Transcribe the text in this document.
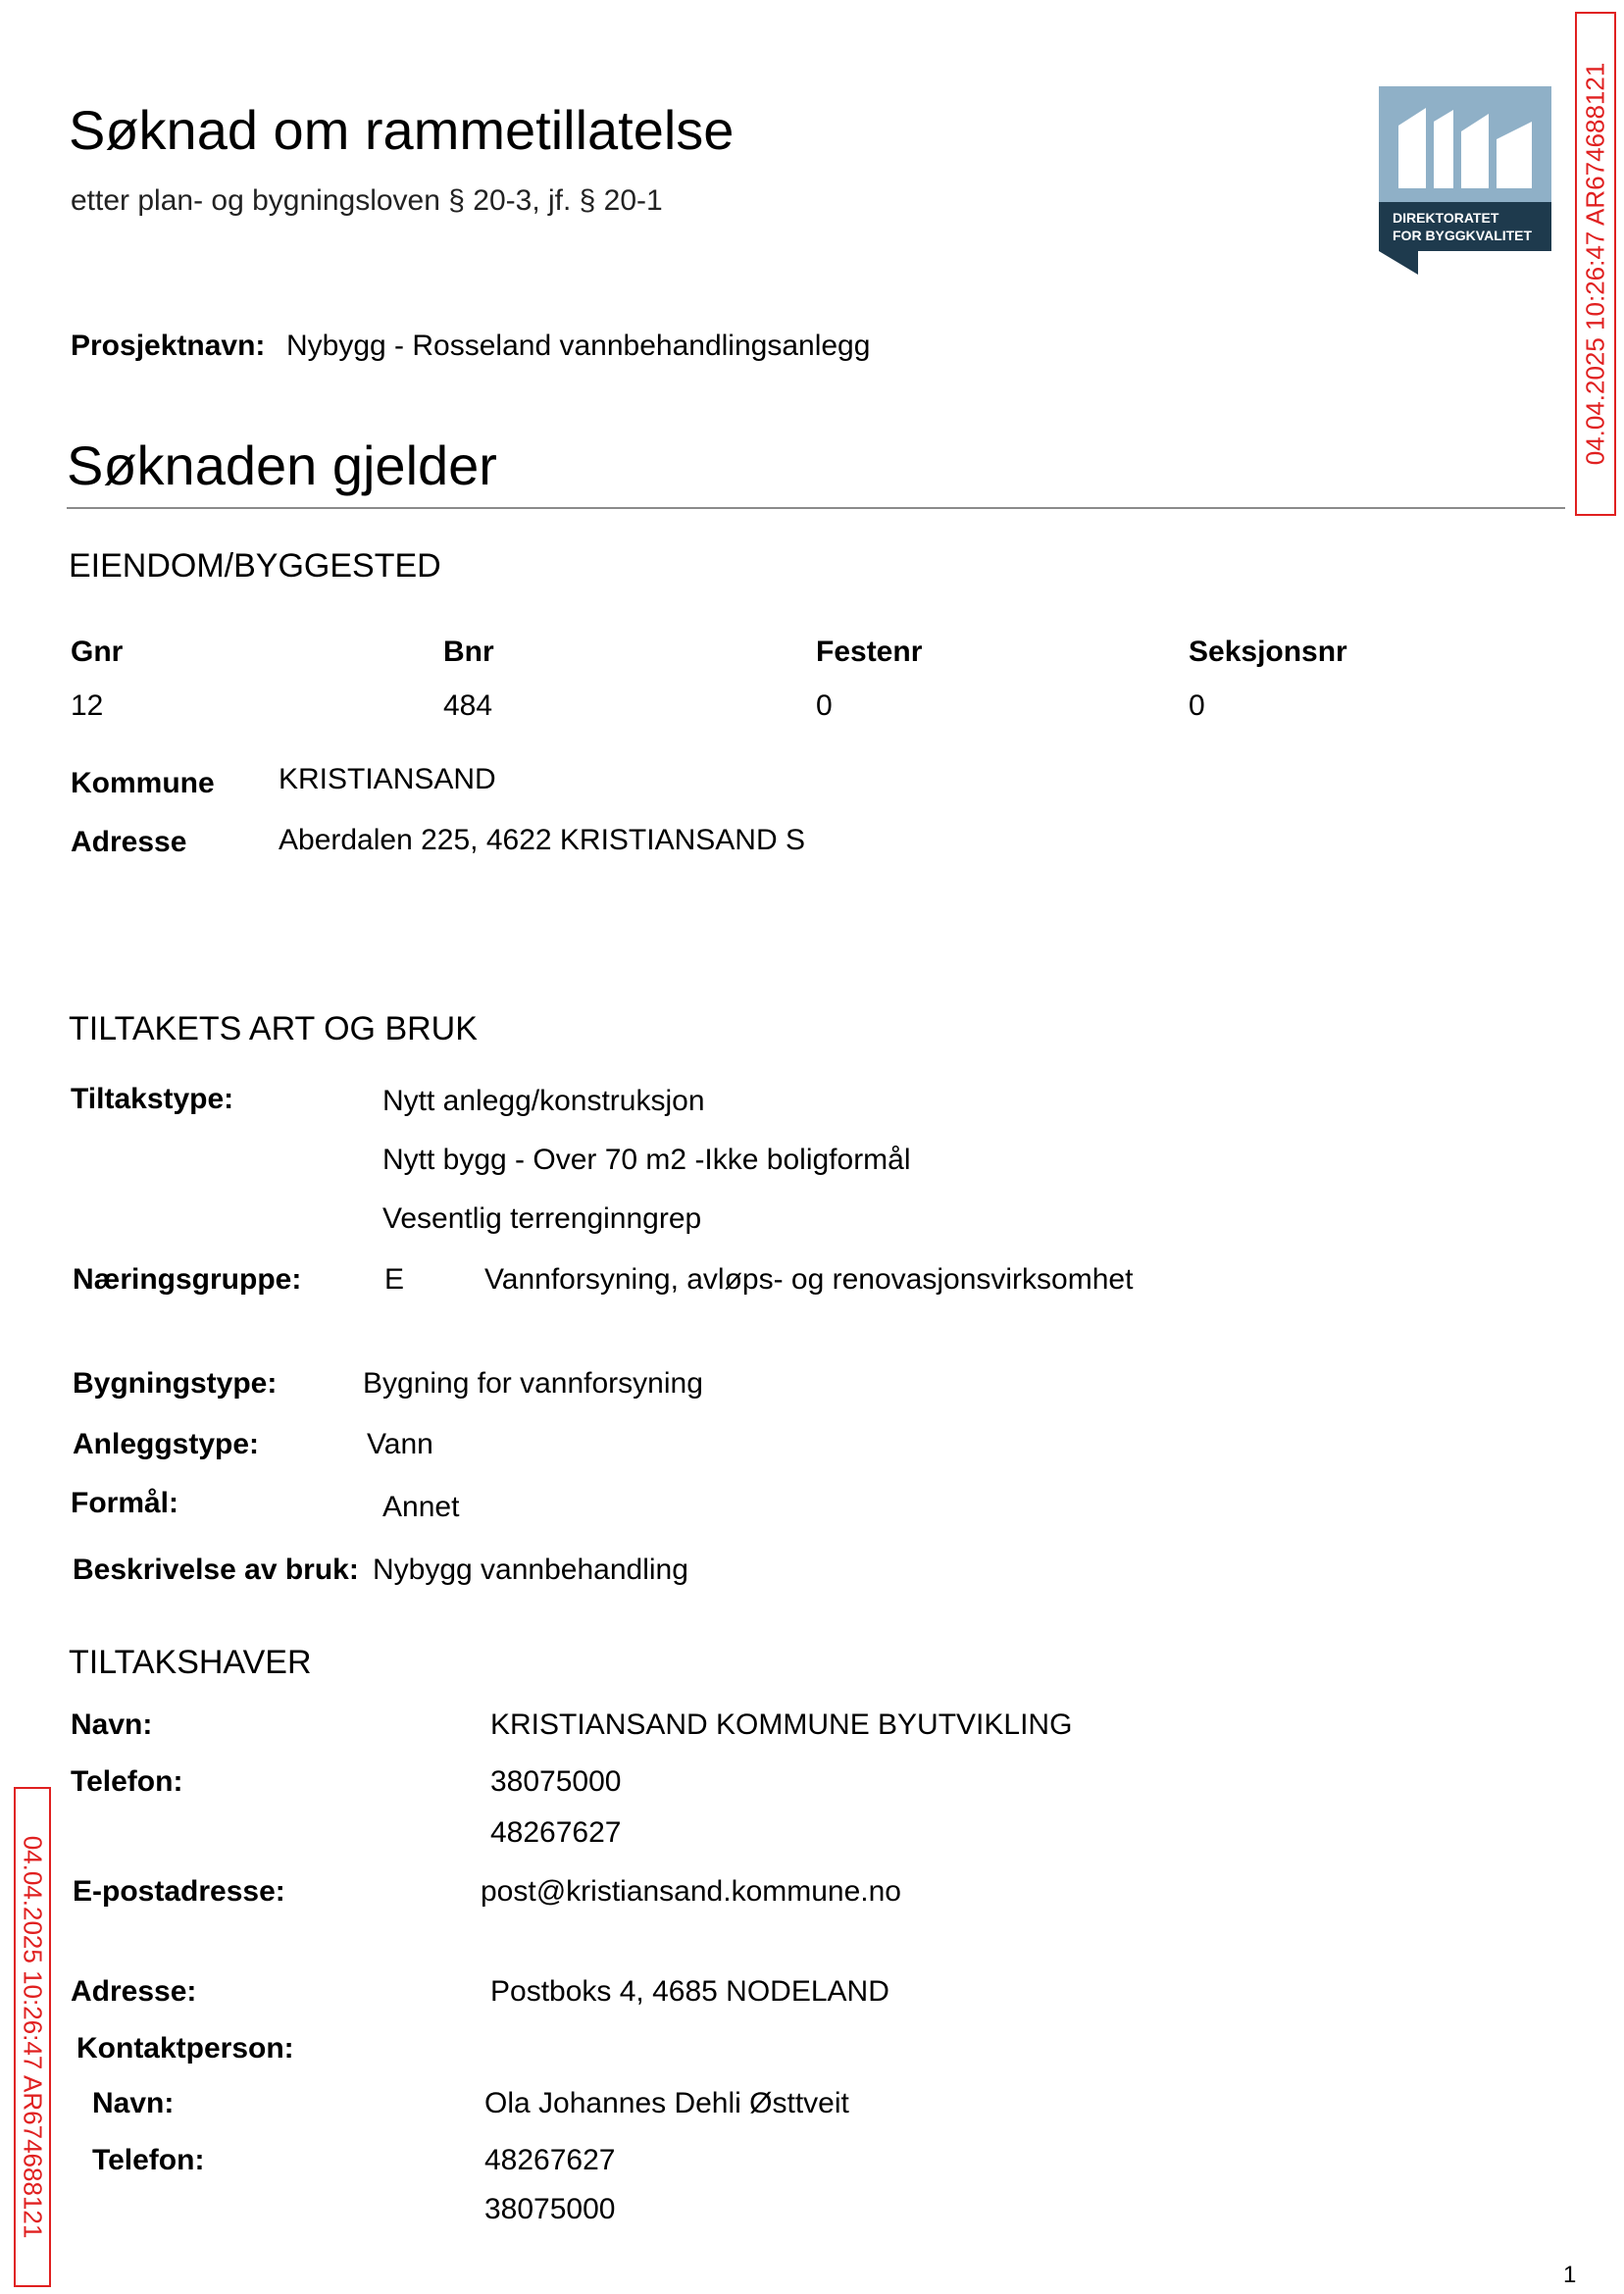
Søknad om rammetillatelse
etter plan- og bygningsloven § 20-3, jf. § 20-1
DIREKTORATET
FOR BYGGKVALITET 04.04.2025 10:26:47 AR674688121
04.04.2025 10:26:47 AR674688121
Prosjektnavn: Nybygg - Rosseland vannbehandlingsanlegg
Søknaden gjelder
EIENDOM/BYGGESTED
Gnr	Bnr	Festenr	Seksjonsnr
12	484	0	0
Kommune KRISTIANSAND
Adresse	Aberdalen 225, 4622 KRISTIANSAND S
TILTAKETS ART OG BRUK
Tiltakstype:	Nytt anlegg/konstruksjon
Nytt bygg - Over 70 m2 -Ikke boligformål
Vesentlig terrenginngrep
Næringsgruppe:	E	Vannforsyning, avløps- og renovasjonsvirksomhet
Bygningstype:	Bygning for vannforsyning
Anleggstype:	Vann
Formål:	Annet
Beskrivelse av bruk: Nybygg vannbehandling
TILTAKSHAVER
Navn:	KRISTIANSAND KOMMUNE BYUTVIKLING
Telefon:	38075000
48267627
E-postadresse:	post@kristiansand.kommune.no
Adresse:	Postboks 4, 4685 NODELAND
Kontaktperson:
Navn:	Ola Johannes Dehli Østtveit
Telefon:	48267627
38075000
1
